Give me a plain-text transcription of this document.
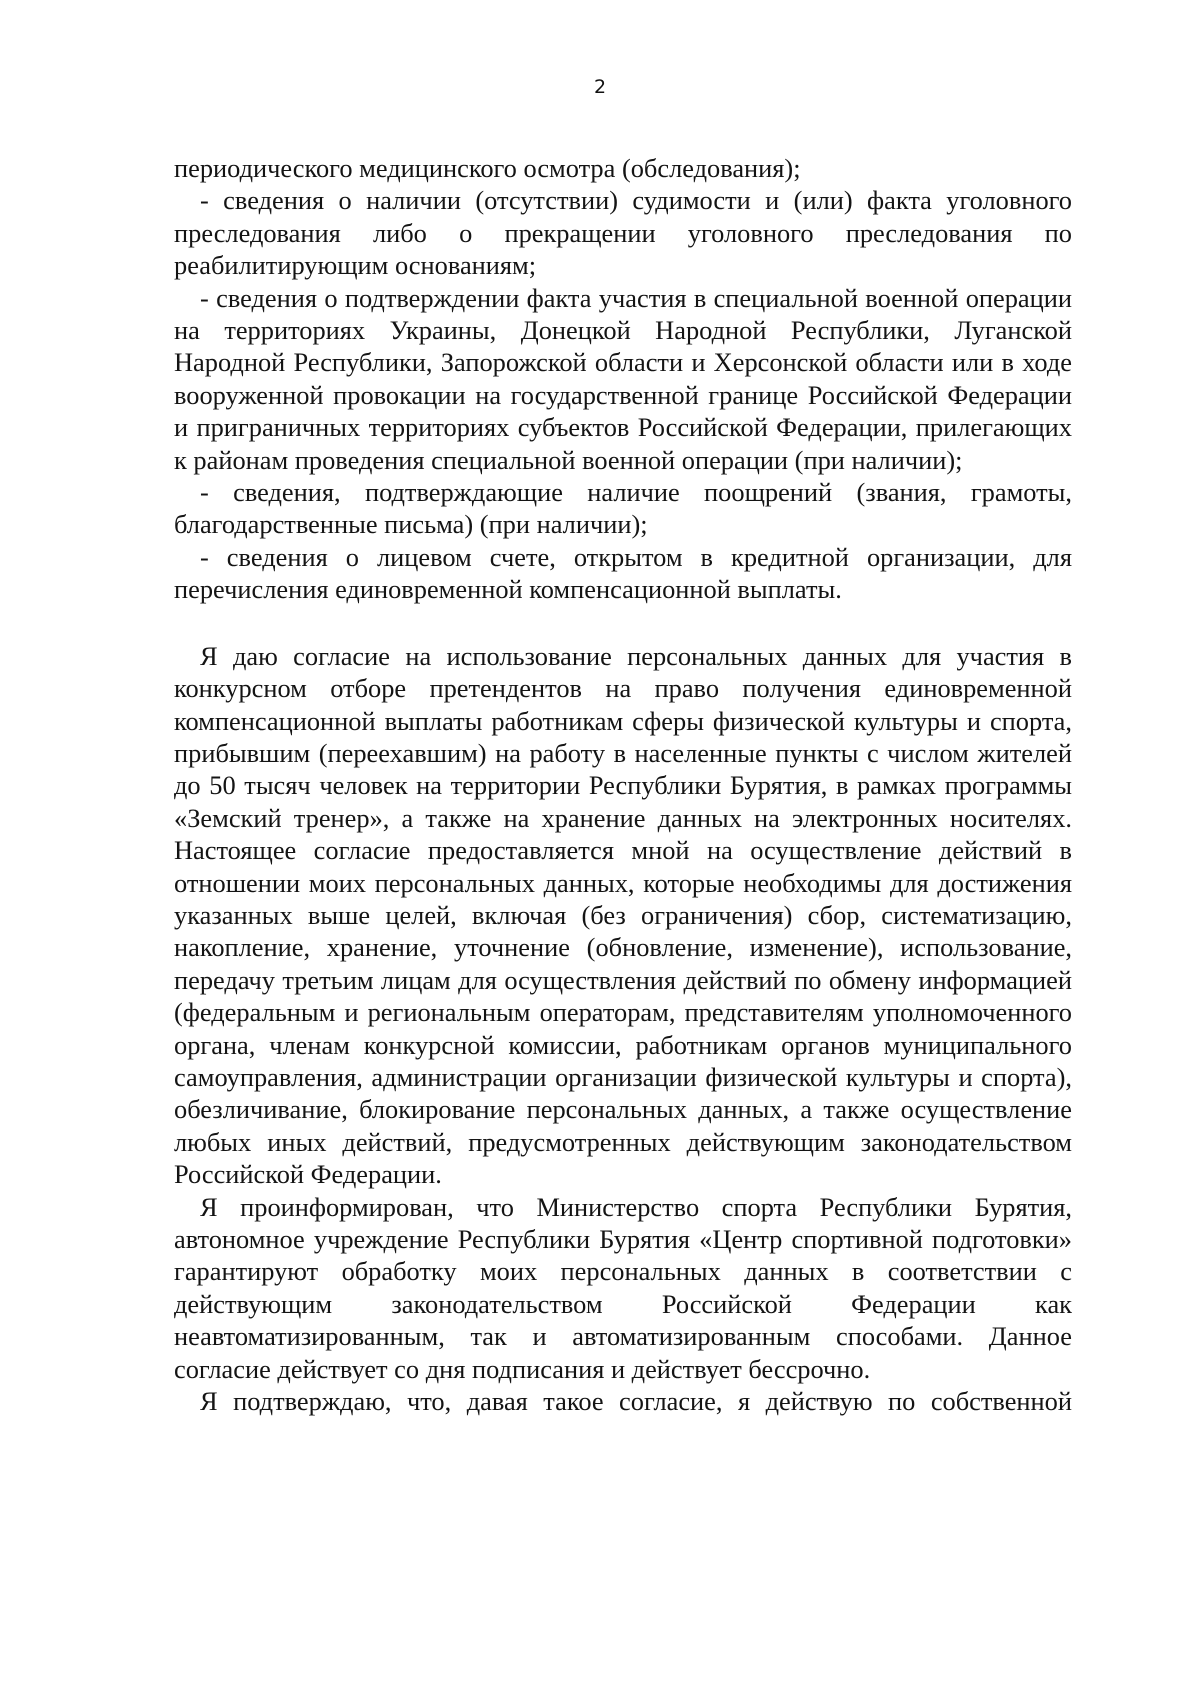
2

периодического медицинского осмотра (обследования);

- сведения о наличии (отсутствии) судимости и (или) факта уголовного преследования либо о прекращении уголовного преследования по реабилитирующим основаниям;

- сведения о подтверждении факта участия в специальной военной операции на территориях Украины, Донецкой Народной Республики, Луганской Народной Республики, Запорожской области и Херсонской области или в ходе вооруженной провокации на государственной границе Российской Федерации и приграничных территориях субъектов Российской Федерации, прилегающих к районам проведения специальной военной операции (при наличии);

- сведения, подтверждающие наличие поощрений (звания, грамоты, благодарственные письма) (при наличии);

- сведения о лицевом счете, открытом в кредитной организации, для перечисления единовременной компенсационной выплаты.

Я даю согласие на использование персональных данных для участия в конкурсном отборе претендентов на право получения единовременной компенсационной выплаты работникам сферы физической культуры и спорта, прибывшим (переехавшим) на работу в населенные пункты с числом жителей до 50 тысяч человек на территории Республики Бурятия, в рамках программы «Земский тренер», а также на хранение данных на электронных носителях. Настоящее согласие предоставляется мной на осуществление действий в отношении моих персональных данных, которые необходимы для достижения указанных выше целей, включая (без ограничения) сбор, систематизацию, накопление, хранение, уточнение (обновление, изменение), использование, передачу третьим лицам для осуществления действий по обмену информацией (федеральным и региональным операторам, представителям уполномоченного органа, членам конкурсной комиссии, работникам органов муниципального самоуправления, администрации организации физической культуры и спорта), обезличивание, блокирование персональных данных, а также осуществление любых иных действий, предусмотренных действующим законодательством Российской Федерации.

Я проинформирован, что Министерство спорта Республики Бурятия, автономное учреждение Республики Бурятия «Центр спортивной подготовки» гарантируют обработку моих персональных данных в соответствии с действующим законодательством Российской Федерации как неавтоматизированным, так и автоматизированным способами. Данное согласие действует со дня подписания и действует бессрочно.

Я подтверждаю, что, давая такое согласие, я действую по собственной
